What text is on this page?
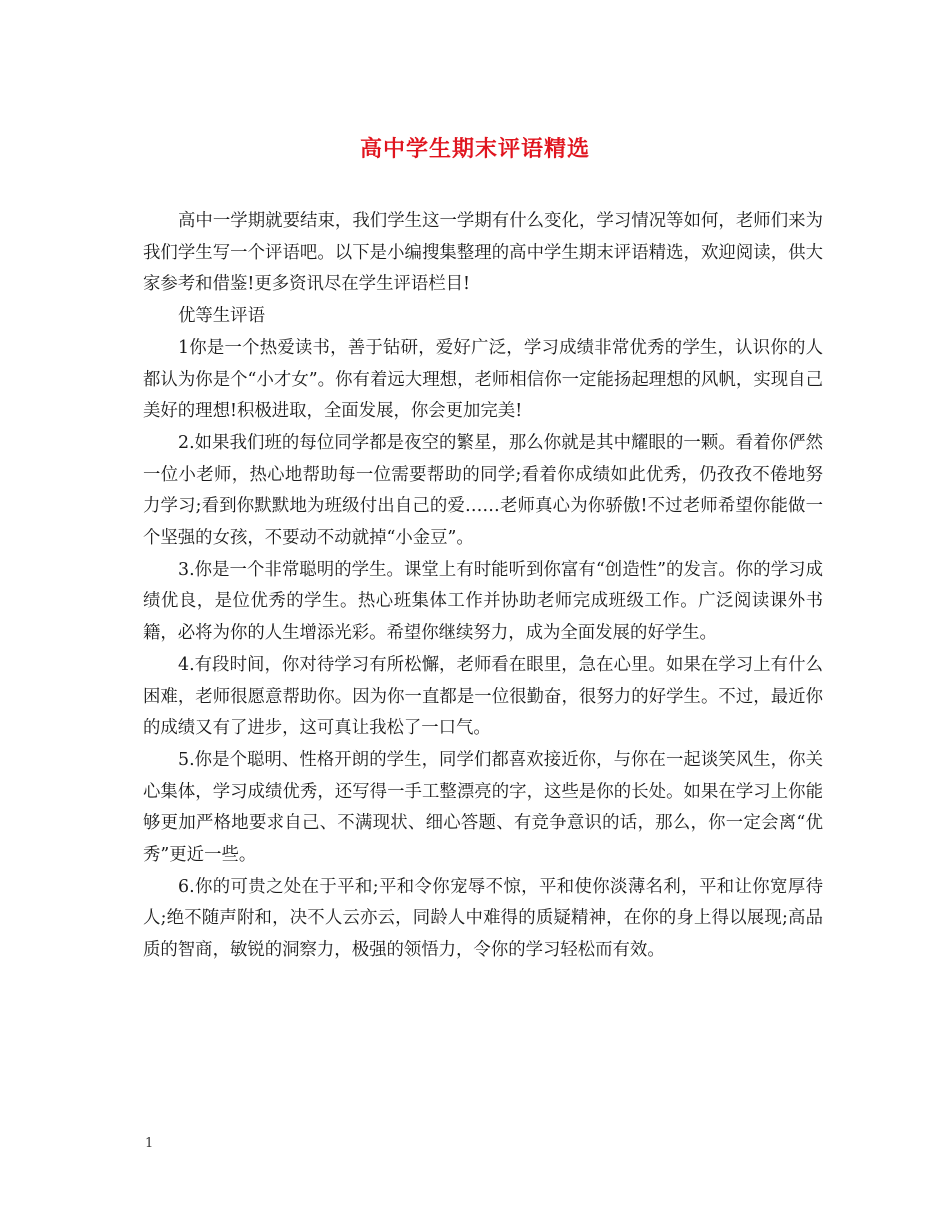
高中学生期末评语精选

高中一学期就要结束，我们学生这一学期有什么变化，学习情况等如何，老师们来为我们学生写一个评语吧。以下是小编搜集整理的高中学生期末评语精选，欢迎阅读，供大家参考和借鉴!更多资讯尽在学生评语栏目!

优等生评语

1你是一个热爱读书，善于钻研，爱好广泛，学习成绩非常优秀的学生，认识你的人都认为你是个“小才女”。你有着远大理想，老师相信你一定能扬起理想的风帆，实现自己美好的理想!积极进取，全面发展，你会更加完美!

2.如果我们班的每位同学都是夜空的繁星，那么你就是其中耀眼的一颗。看着你俨然一位小老师，热心地帮助每一位需要帮助的同学;看着你成绩如此优秀，仍孜孜不倦地努力学习;看到你默默地为班级付出自己的爱……老师真心为你骄傲!不过老师希望你能做一个坚强的女孩，不要动不动就掉“小金豆”。

3.你是一个非常聪明的学生。课堂上有时能听到你富有“创造性”的发言。你的学习成绩优良，是位优秀的学生。热心班集体工作并协助老师完成班级工作。广泛阅读课外书籍，必将为你的人生增添光彩。希望你继续努力，成为全面发展的好学生。

4.有段时间，你对待学习有所松懈，老师看在眼里，急在心里。如果在学习上有什么困难，老师很愿意帮助你。因为你一直都是一位很勤奋，很努力的好学生。不过，最近你的成绩又有了进步，这可真让我松了一口气。

5.你是个聪明、性格开朗的学生，同学们都喜欢接近你，与你在一起谈笑风生，你关心集体，学习成绩优秀，还写得一手工整漂亮的字，这些是你的长处。如果在学习上你能够更加严格地要求自己、不满现状、细心答题、有竞争意识的话，那么，你一定会离“优秀”更近一些。

6.你的可贵之处在于平和;平和令你宠辱不惊，平和使你淡薄名利，平和让你宽厚待人;绝不随声附和，决不人云亦云，同龄人中难得的质疑精神，在你的身上得以展现;高品质的智商，敏锐的洞察力，极强的领悟力，令你的学习轻松而有效。

1
